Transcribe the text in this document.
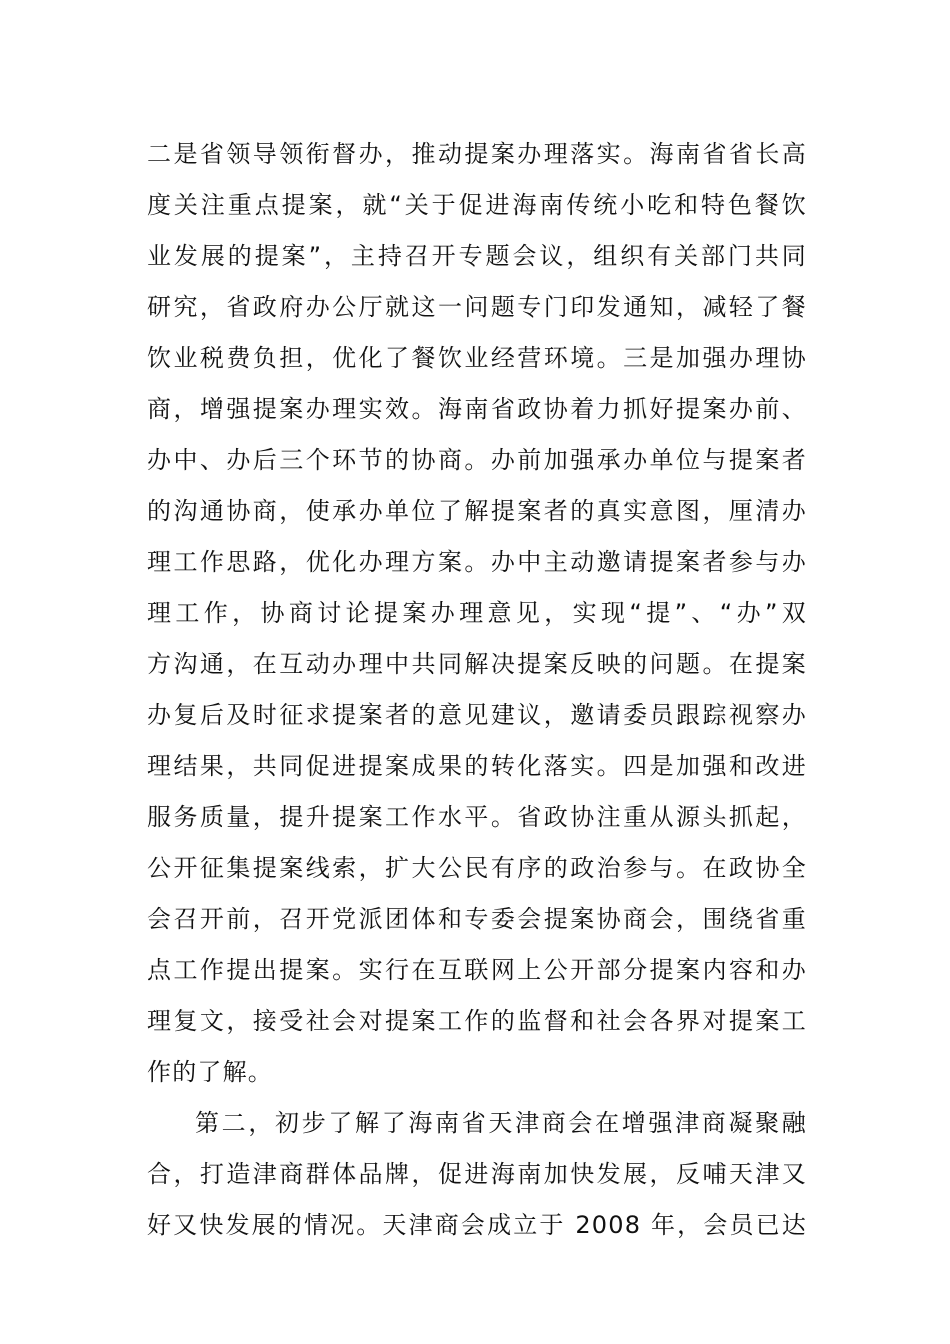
二是省领导领衔督办，推动提案办理落实。海南省省长高
度关注重点提案，就“关于促进海南传统小吃和特色餐饮
业发展的提案”，主持召开专题会议，组织有关部门共同
研究，省政府办公厅就这一问题专门印发通知，减轻了餐
饮业税费负担，优化了餐饮业经营环境。三是加强办理协
商，增强提案办理实效。海南省政协着力抓好提案办前、
办中、办后三个环节的协商。办前加强承办单位与提案者
的沟通协商，使承办单位了解提案者的真实意图，厘清办
理工作思路，优化办理方案。办中主动邀请提案者参与办
理工作，协商讨论提案办理意见，实现“提”、“办”双
方沟通，在互动办理中共同解决提案反映的问题。在提案
办复后及时征求提案者的意见建议，邀请委员跟踪视察办
理结果，共同促进提案成果的转化落实。四是加强和改进
服务质量，提升提案工作水平。省政协注重从源头抓起，
公开征集提案线索，扩大公民有序的政治参与。在政协全
会召开前，召开党派团体和专委会提案协商会，围绕省重
点工作提出提案。实行在互联网上公开部分提案内容和办
理复文，接受社会对提案工作的监督和社会各界对提案工
作的了解。
第二，初步了解了海南省天津商会在增强津商凝聚融
合，打造津商群体品牌，促进海南加快发展，反哺天津又
好又快发展的情况。天津商会成立于 2008 年，会员已达
